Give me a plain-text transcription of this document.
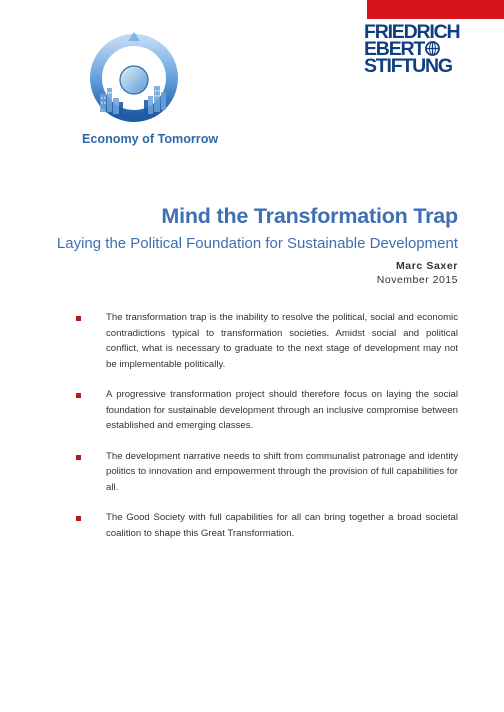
FRIEDRICH
EBERT
STIFTUNG
Economy of Tomorrow
Mind the Transformation Trap
Laying the Political Foundation for Sustainable Development
Marc Saxer
November 2015
The transformation trap is the inability to resolve the political, social and economic contradictions typical to transformation societies. Amidst social and political conflict, what is necessary to graduate to the next stage of development may not be implementable politically.
A progressive transformation project should therefore focus on laying the social foundation for sustainable development through an inclusive compromise between established and emerging classes.
The development narrative needs to shift from communalist patronage and identity politics to innovation and empowerment through the provision of full capabilities for all.
The Good Society with full capabilities for all can bring together a broad societal coalition to shape this Great Transformation.
